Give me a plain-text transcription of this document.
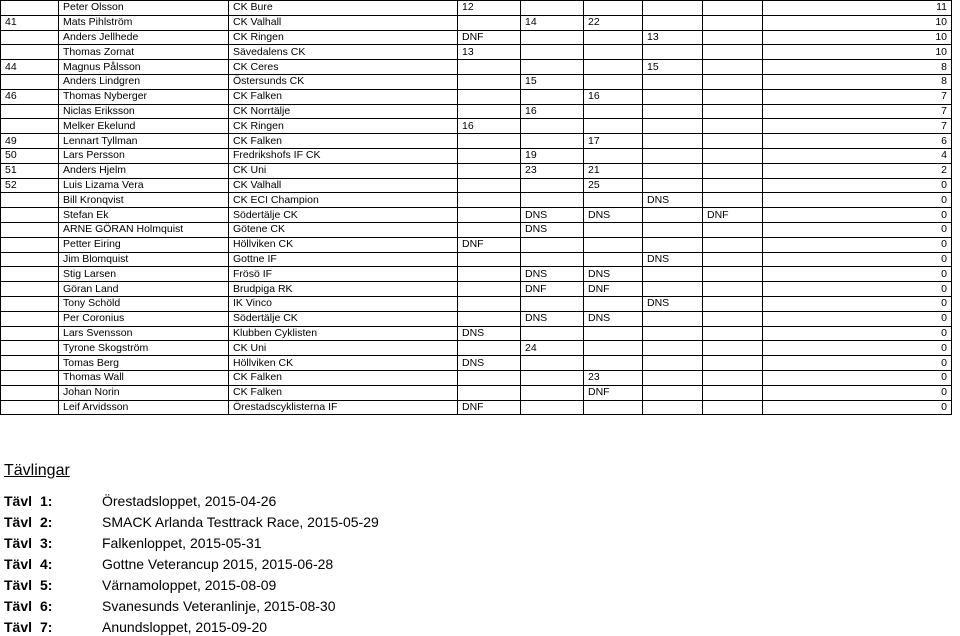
	Peter Olsson	CK Bure	12					11
41	Mats Pihlström	CK Valhall		14	22			10
	Anders Jellhede	CK Ringen	DNF			13		10
	Thomas Zornat	Sävedalens CK	13					10
44	Magnus Pålsson	CK Ceres				15		8
	Anders Lindgren	Östersunds CK		15				8
46	Thomas Nyberger	CK Falken			16			7
	Niclas Eriksson	CK Norrtälje		16				7
	Melker Ekelund	CK Ringen	16					7
49	Lennart Tyllman	CK Falken			17			6
50	Lars Persson	Fredrikshofs IF CK		19				4
51	Anders Hjelm	CK Uni		23	21			2
52	Luis Lizama Vera	CK Valhall			25			0
	Bill Kronqvist	CK ECI Champion				DNS		0
	Stefan Ek	Södertälje CK		DNS	DNS		DNF	0
	ARNE GÖRAN Holmquist	Götene CK		DNS				0
	Petter Eiring	Höllviken CK	DNF					0
	Jim Blomquist	Gottne IF				DNS		0
	Stig Larsen	Frösö IF		DNS	DNS			0
	Göran Land	Brudpiga RK		DNF	DNF			0
	Tony Schöld	IK Vinco				DNS		0
	Per Coronius	Södertälje CK		DNS	DNS			0
	Lars Svensson	Klubben Cyklisten	DNS					0
	Tyrone Skogström	CK Uni		24				0
	Tomas Berg	Höllviken CK	DNS					0
	Thomas Wall	CK Falken			23			0
	Johan Norin	CK Falken			DNF			0
	Leif Arvidsson	Örestadscyklisterna IF	DNF					0
Tävlingar
Tävl 1:	Örestadsloppet, 2015-04-26
Tävl 2:	SMACK Arlanda Testtrack Race, 2015-05-29
Tävl 3:	Falkenloppet, 2015-05-31
Tävl 4:	Gottne Veterancup 2015, 2015-06-28
Tävl 5:	Värnamoloppet, 2015-08-09
Tävl 6:	Svanesunds Veteranlinje, 2015-08-30
Tävl 7:	Anundsloppet, 2015-09-20
